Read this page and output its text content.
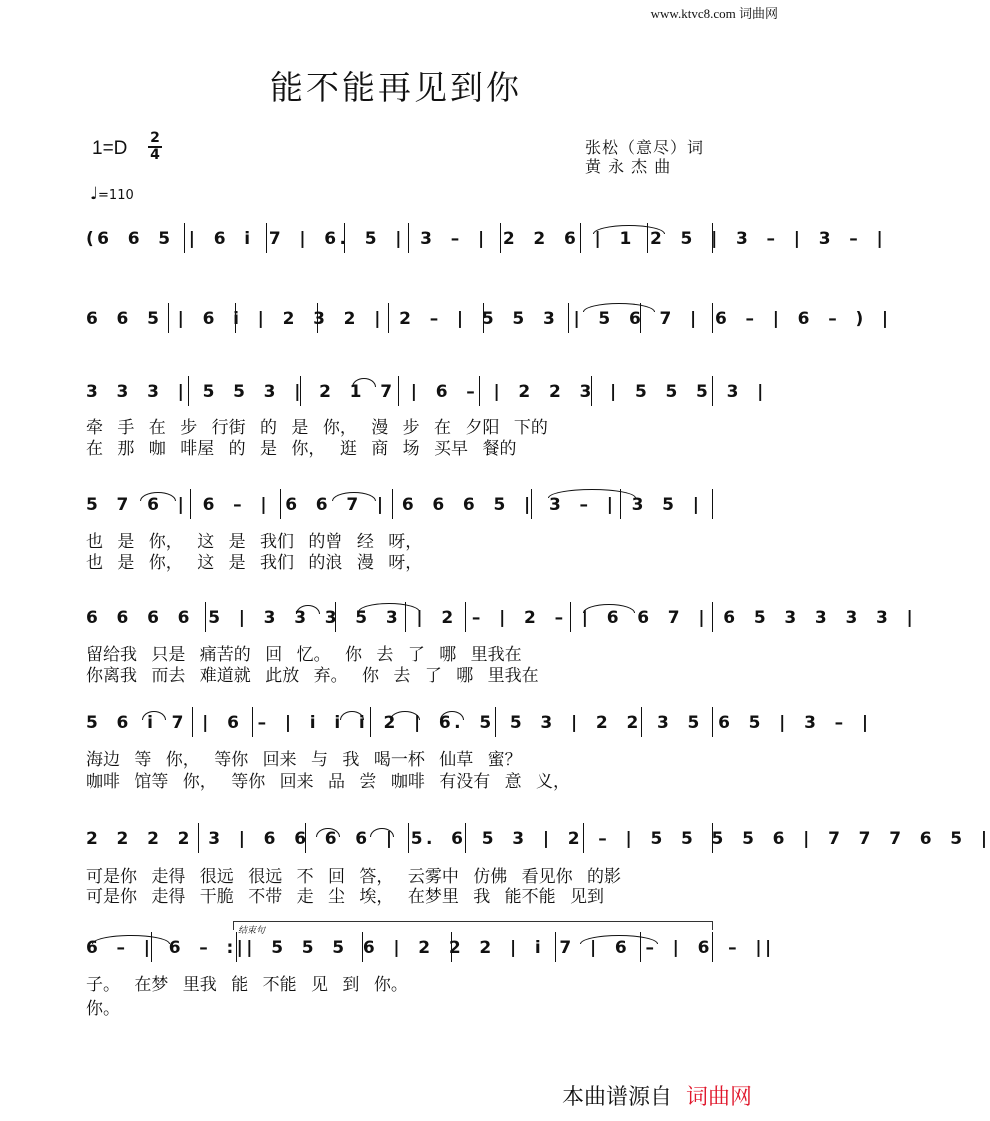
www.ktvc8.com 词曲网
能不能再见到你
1=D 2
4	张松（意尽）词
黄 永 杰 曲
♩=110
(6 6 5 | 6 i 7 | 6. 5 | 3 – | 2 2 6 | 1 2 5 | 3 – | 3 – |
6 6 5 | 6 i | 2 3 2 | 2 – | 5 5 3 | 5 6 7 | 6 – | 6 – ) |
3 3 3 | 5 5 3 | 2 1 7 | 6 – | 2 2 3 | 5 5 5 3 |
牵 手 在 步 行街 的 是 你， 漫 步 在 夕阳 下的
在 那 咖 啡屋 的 是 你， 逛 商 场 买早 餐的
5 7 6 | 6 – | 6 6 7 | 6 6 6 5 | 3 – | 3 5 |
也 是 你， 这 是 我们 的曾 经 呀，
也 是 你， 这 是 我们 的浪 漫 呀，
6 6 6 6 5 | 3 3 3 5 3 | 2 – | 2 – | 6 6 7 | 6 5 3 3 3 3 |
留给我 只是 痛苦的 回 忆。 你 去 了 哪 里我在
你离我 而去 难道就 此放 弃。 你 去 了 哪 里我在
5 6 i 7 | 6 – | i i i 2 | 6. 5 5 3 | 2 2 3 5 6 5 | 3 – |
海边 等 你， 等你 回来 与 我 喝一杯 仙草 蜜？
咖啡 馆等 你， 等你 回来 品 尝 咖啡 有没有 意 义，
2 2 2 2 3 | 6 6 6 6 | 5. 6 5 3 | 2 – | 5 5 5 5 6 | 7 7 7 6 5 |
可是你 走得 很远 很远 不 回 答， 云雾中 仿佛 看见你 的影
可是你 走得 干脆 不带 走 尘 埃， 在梦里 我 能不能 见到
6 – | 6 – :|| 5 5 5 6 | 2 2 2 | i 7 | 6 – | 6 – ||
子。 在梦 里我 能 不能 见 到 你。
你。
结束句
本曲谱源自 词曲网
